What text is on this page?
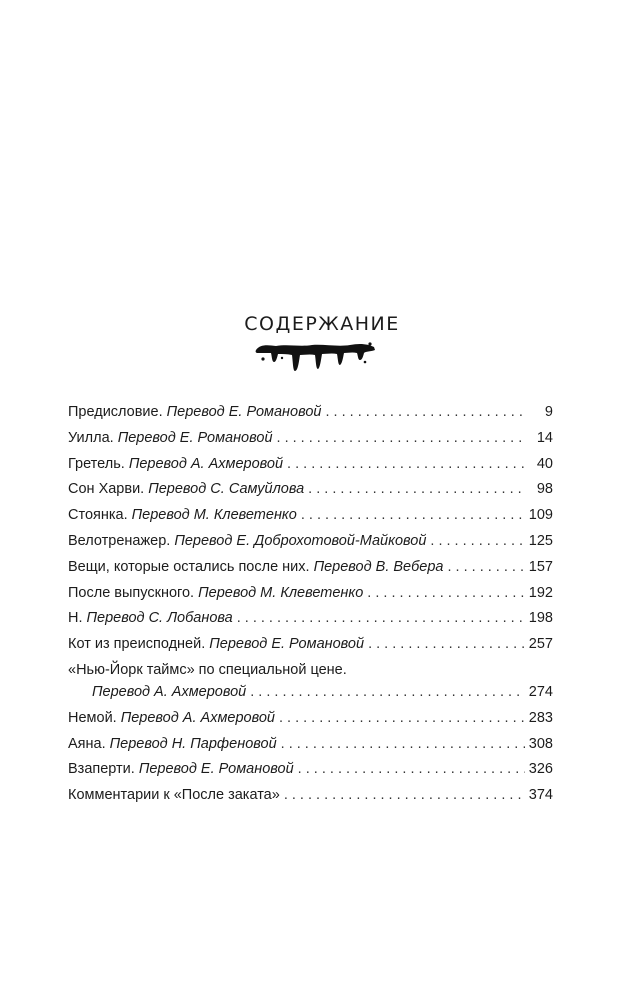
СОДЕРЖАНИЕ
Предисловие. Перевод Е. Романовой . . .	9
Уилла. Перевод Е. Романовой . . .	14
Гретель. Перевод А. Ахмеровой . . .	40
Сон Харви. Перевод С. Самуйлова . . .	98
Стоянка. Перевод М. Клеветенко . . .	109
Велотренажер. Перевод Е. Доброхотовой-Майковой . . .	125
Вещи, которые остались после них. Перевод В. Вебера . . .	157
После выпускного. Перевод М. Клеветенко . . .	192
Н. Перевод С. Лобанова . . .	198
Кот из преисподней. Перевод Е. Романовой . . .	257
«Нью-Йорк таймс» по специальной цене.
Перевод А. Ахмеровой . . .	274
Немой. Перевод А. Ахмеровой . . .	283
Аяна. Перевод Н. Парфеновой . . .	308
Взаперти. Перевод Е. Романовой . . .	326
Комментарии к «После заката» . . .	374
